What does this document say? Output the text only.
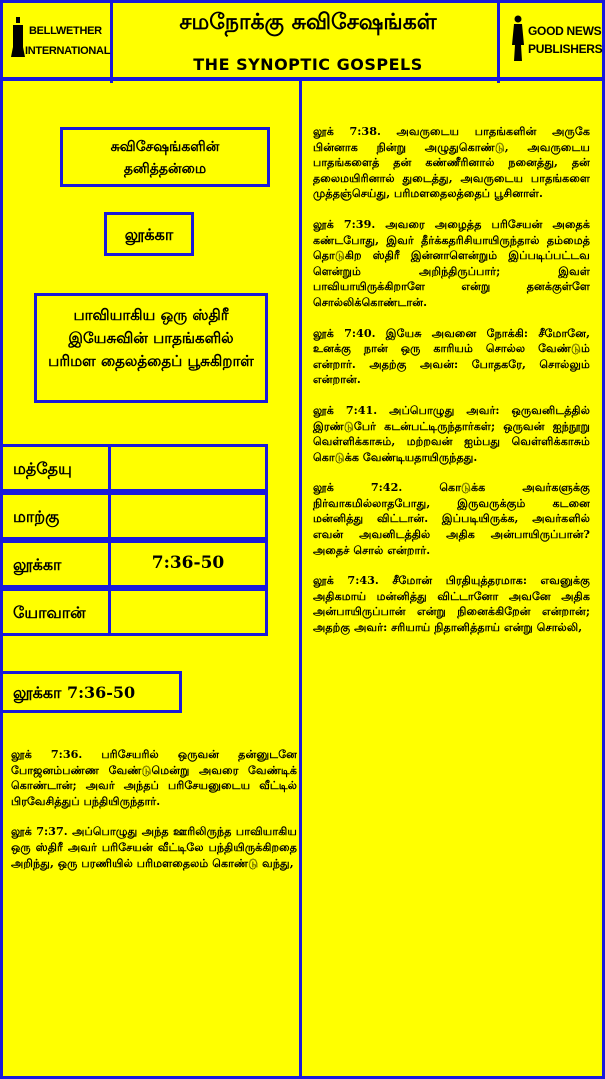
BELLWETHER
INTERNATIONAL
சமநோக்கு சுவிசேஷங்கள்
THE SYNOPTIC GOSPELS
GOOD NEWS
PUBLISHERS
சுவிசேஷங்களின் தனித்தன்மை
லூக்கா
பாவியாகிய ஒரு ஸ்திரீ இயேசுவின் பாதங்களில் பரிமள தைலத்தைப் பூசுகிறாள்
மத்தேயு
மாற்கு
லூக்கா	7:36-50
யோவான்
லூக்கா 7:36-50

லூக் 7:36. பரிசேயரில் ஒருவன் தன்னுடனே போஜனம்பண்ண வேண்டுமென்று அவரை வேண்டிக் கொண்டான்; அவர் அந்தப் பரிசேயனுடைய வீட்டில் பிரவேசித்துப் பந்தியிருந்தார்.

லூக் 7:37. அப்பொழுது அந்த ஊரிலிருந்த பாவியாகிய ஒரு ஸ்திரீ அவர் பரிசேயன் வீட்டிலே பந்தியிருக்கிறதை அறிந்து, ஒரு பரணியில் பரிமளதைலம் கொண்டு வந்து,

லூக் 7:38. அவருடைய பாதங்களின் அருகே பின்னாக நின்று அழுதுகொண்டு, அவருடைய பாதங்களைத் தன் கண்ணீரினால் நனைத்து, தன் தலைமயிரினால் துடைத்து, அவருடைய பாதங்களை முத்தஞ்செய்து, பரிமளதைலத்தைப் பூசினாள்.

லூக் 7:39. அவரை அழைத்த பரிசேயன் அதைக் கண்டபோது, இவர் தீர்க்கதரிசியாயிருந்தால் தம்மைத் தொடுகிற ஸ்திரீ இன்னாளென்றும் இப்படிப்பட்டவ ளென்றும் அறிந்திருப்பார்; இவள் பாவியாயிருக்கிறாளே என்று தனக்குள்ளே சொல்லிக்கொண்டான்.

லூக் 7:40. இயேசு அவனை நோக்கி: சீமோனே, உனக்கு நான் ஒரு காரியம் சொல்ல வேண்டும் என்றார். அதற்கு அவன்: போதகரே, சொல்லும் என்றான்.

லூக் 7:41. அப்பொழுது அவர்: ஒருவனிடத்தில் இரண்டுபேர் கடன்பட்டிருந்தார்கள்; ஒருவன் ஐந்நூறு வெள்ளிக்காசும், மற்றவன் ஐம்பது வெள்ளிக்காசும் கொடுக்க வேண்டியதாயிருந்தது.

லூக் 7:42. கொடுக்க அவர்களுக்கு நிர்வாகமில்லாதபோது, இருவருக்கும் கடனை மன்னித்து விட்டான். இப்படியிருக்க, அவர்களில் எவன் அவனிடத்தில் அதிக அன்பாயிருப்பான்? அதைச் சொல் என்றார்.

லூக் 7:43. சீமோன் பிரதியுத்தரமாக: எவனுக்கு அதிகமாய் மன்னித்து விட்டானோ அவனே அதிக அன்பாயிருப்பான் என்று நினைக்கிறேன் என்றான்; அதற்கு அவர்: சரியாய் நிதானித்தாய் என்று சொல்லி,
